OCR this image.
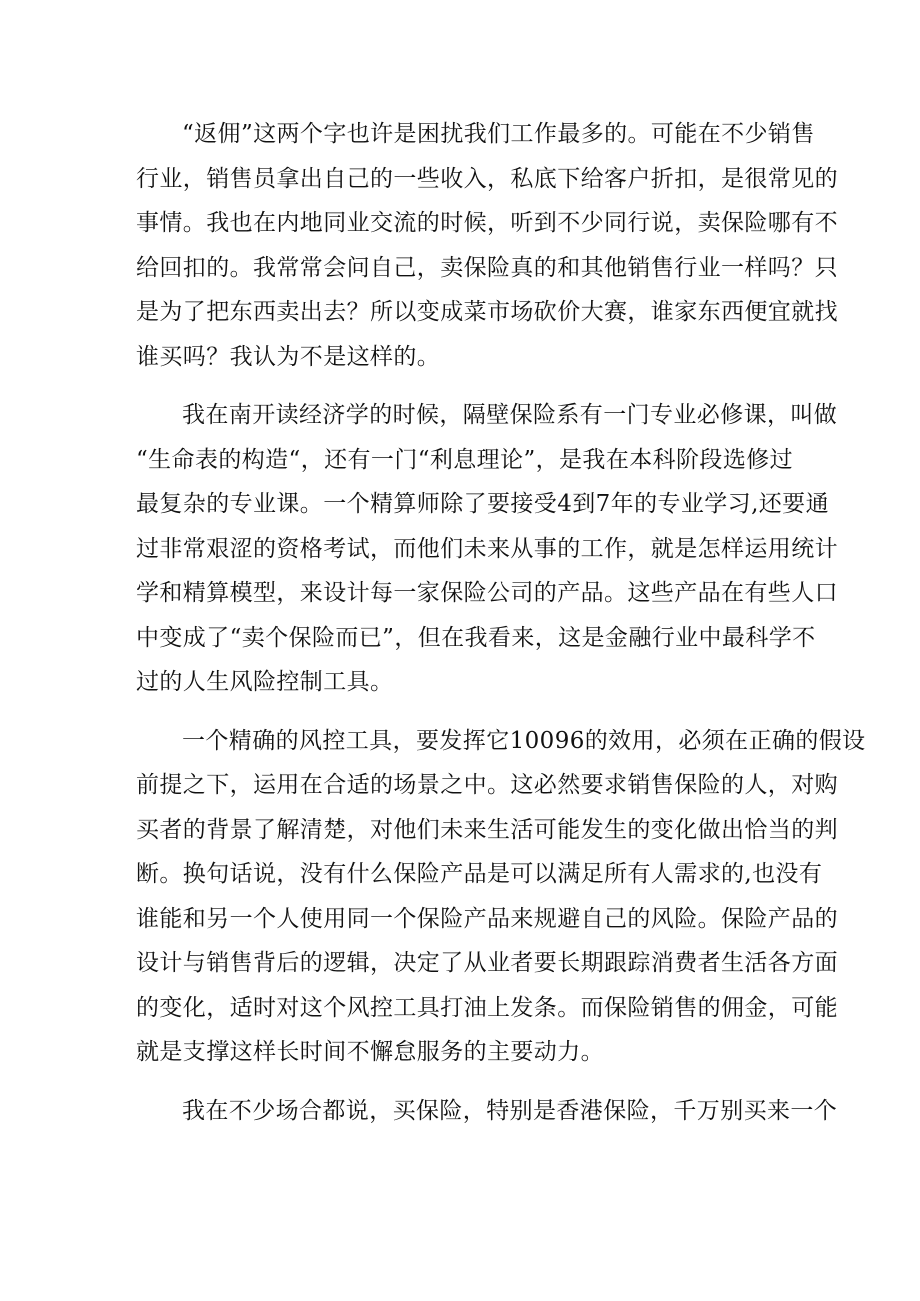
“返佣”这两个字也许是困扰我们工作最多的。可能在不少销售
行业，销售员拿出自己的一些收入，私底下给客户折扣，是很常见的
事情。我也在内地同业交流的时候，听到不少同行说，卖保险哪有不
给回扣的。我常常会问自己，卖保险真的和其他销售行业一样吗？只
是为了把东西卖出去？所以变成菜市场砍价大赛，谁家东西便宜就找
谁买吗？我认为不是这样的。
我在南开读经济学的时候，隔壁保险系有一门专业必修课，叫做
“生命表的构造“，还有一门“利息理论”，是我在本科阶段选修过
最复杂的专业课。一个精算师除了要接受4到7年的专业学习,还要通
过非常艰涩的资格考试，而他们未来从事的工作，就是怎样运用统计
学和精算模型，来设计每一家保险公司的产品。这些产品在有些人口
中变成了“卖个保险而已”，但在我看来，这是金融行业中最科学不
过的人生风险控制工具。
一个精确的风控工具，要发挥它10096的效用，必须在正确的假设
前提之下，运用在合适的场景之中。这必然要求销售保险的人，对购
买者的背景了解清楚，对他们未来生活可能发生的变化做出恰当的判
断。换句话说，没有什么保险产品是可以满足所有人需求的,也没有
谁能和另一个人使用同一个保险产品来规避自己的风险。保险产品的
设计与销售背后的逻辑，决定了从业者要长期跟踪消费者生活各方面
的变化，适时对这个风控工具打油上发条。而保险销售的佣金，可能
就是支撑这样长时间不懈怠服务的主要动力。
我在不少场合都说，买保险，特别是香港保险，千万别买来一个
